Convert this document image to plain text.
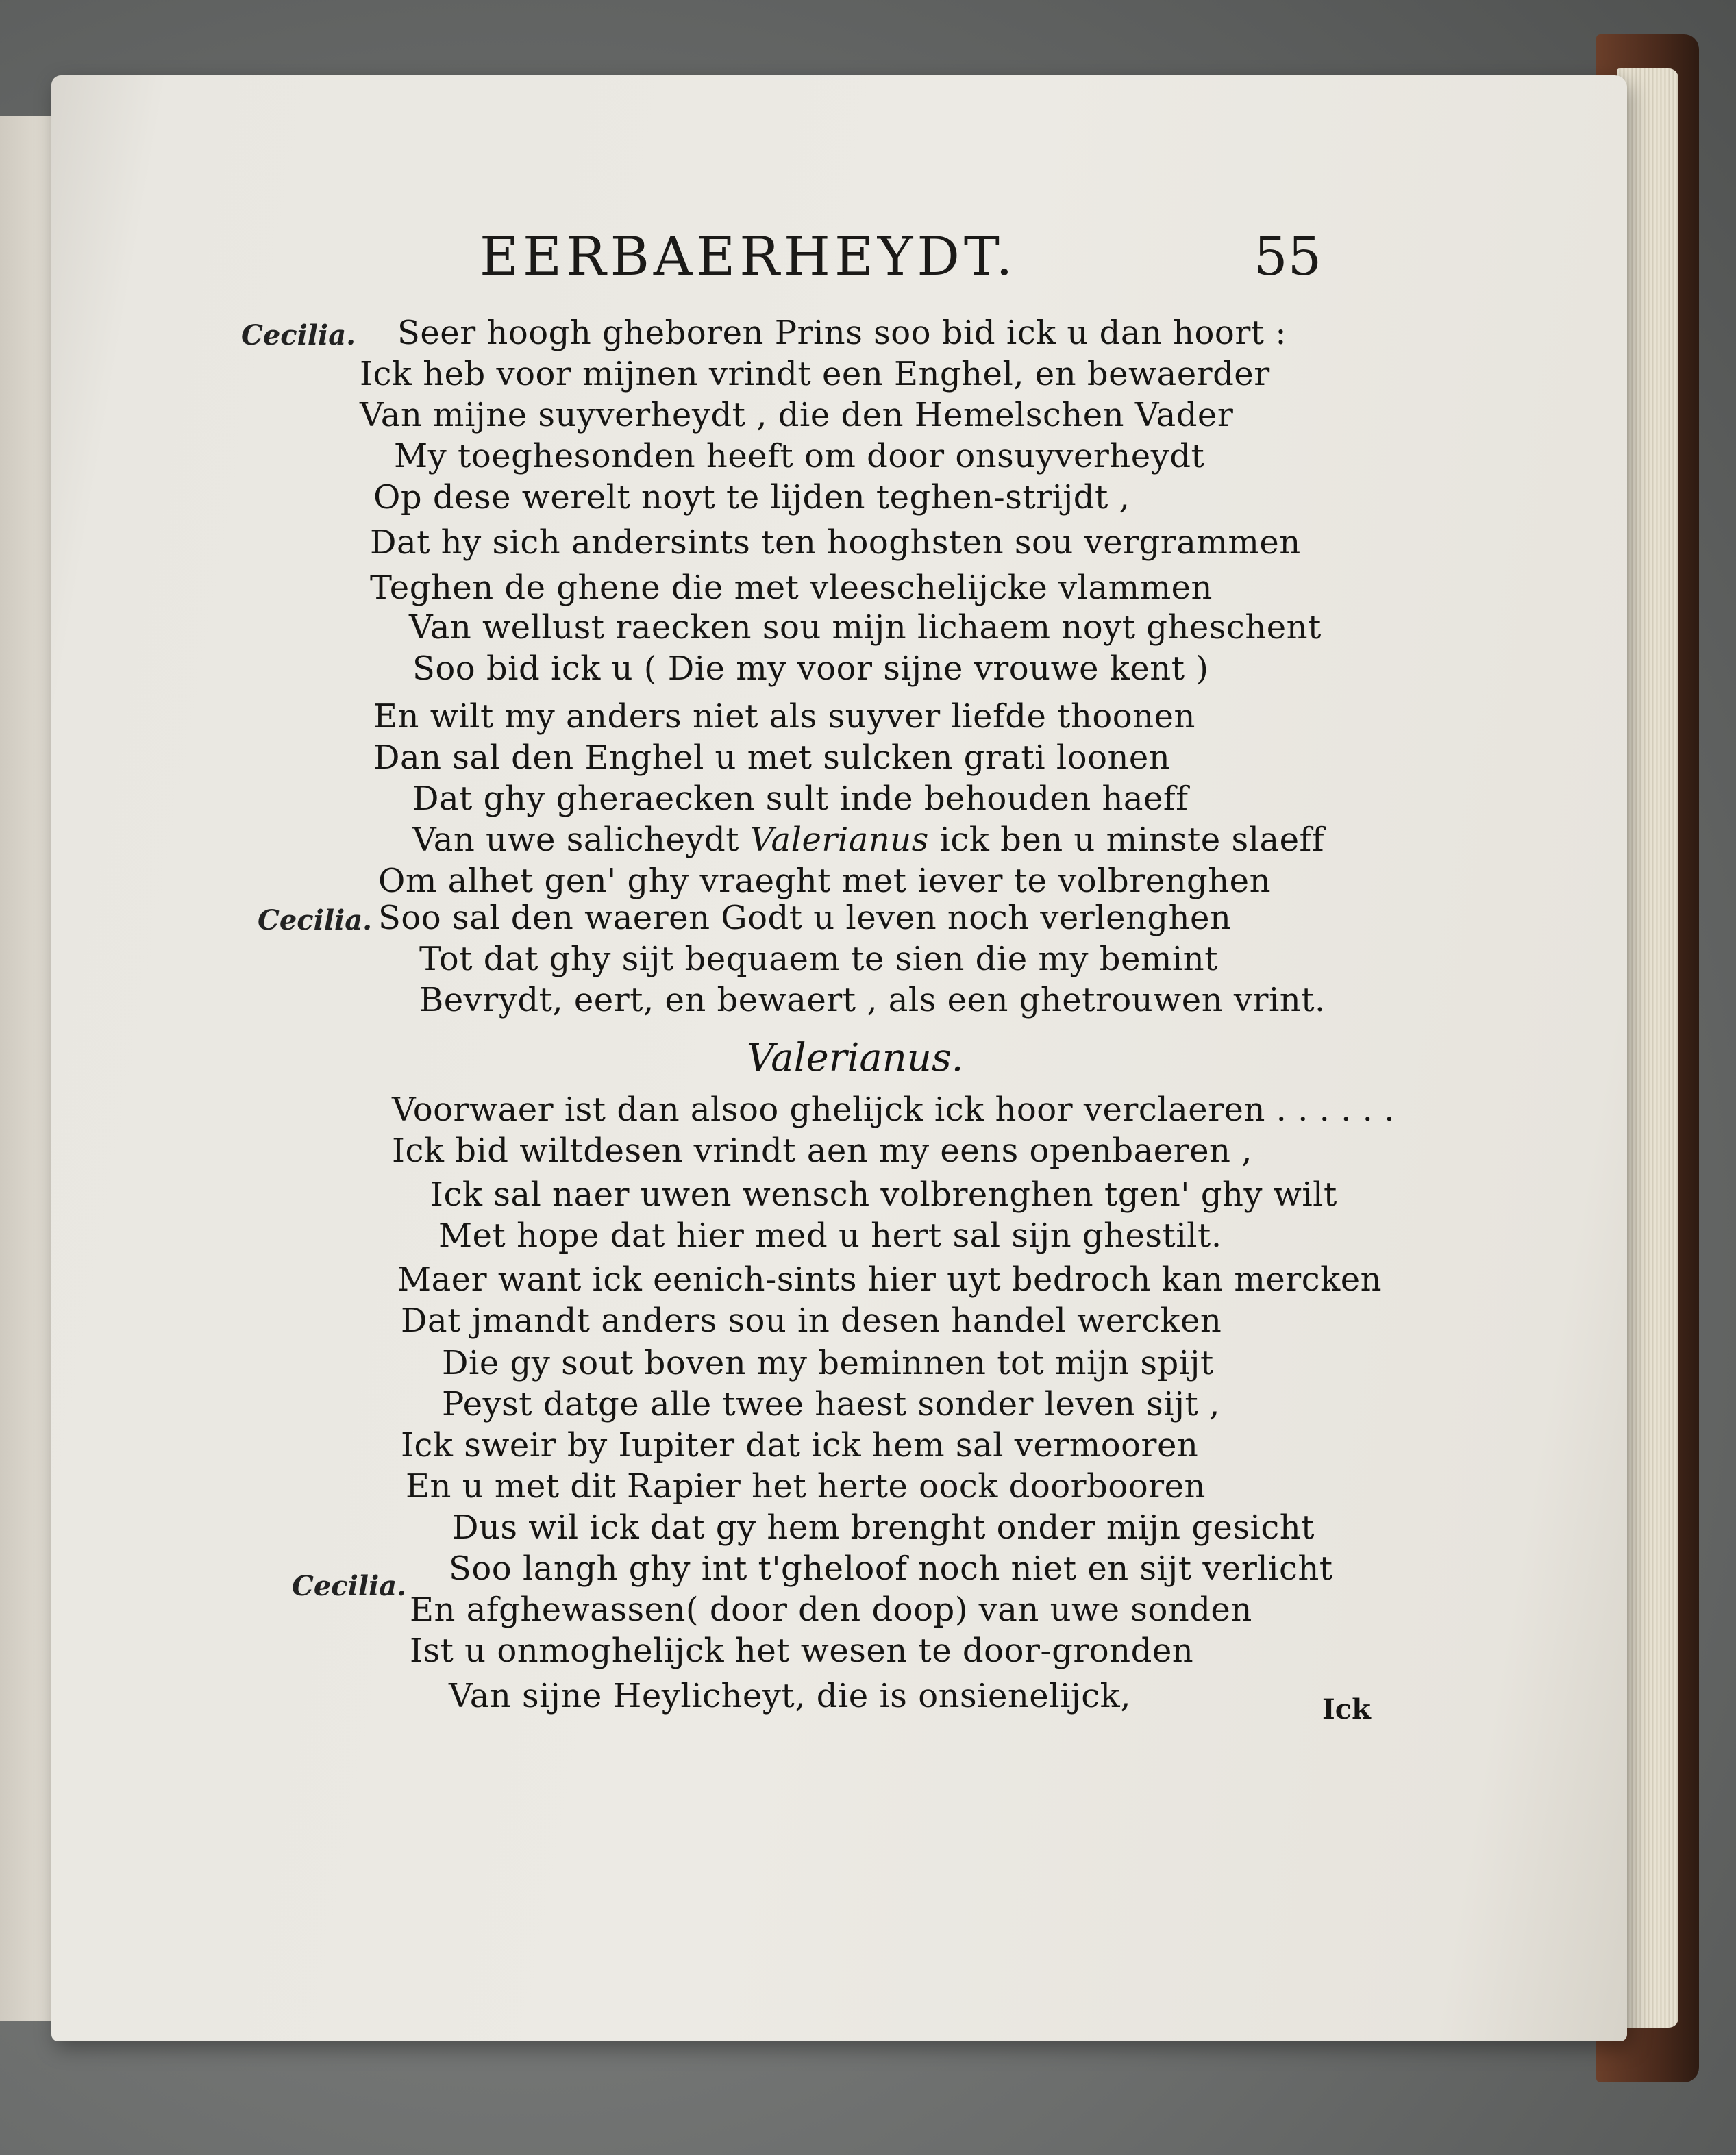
EERBAERHEYDT.	55
Cecilia. Seer hoogh gheboren Prins soo bid ick u dan hoort :
Ick heb voor mijnen vrindt een Enghel, en bewaerder
Van mijne suyverheydt , die den Hemelschen Vader
My toeghesonden heeft om door onsuyverheydt
Op dese werelt noyt te lijden teghen-strijdt ,
Dat hy sich andersints ten hooghsten sou vergrammen
Teghen de ghene die met vleeschelijcke vlammen
Van wellust raecken sou mijn lichaem noyt gheschent
Soo bid ick u ( Die my voor sijne vrouwe kent )
En wilt my anders niet als suyver liefde thoonen
Dan sal den Enghel u met sulcken grati loonen
Dat ghy gheraecken sult inde behouden haeff
Van uwe salicheydt Valerianus ick ben u minste slaeff
Om alhet gen' ghy vraeght met iever te volbrenghen
Cecilia. Soo sal den waeren Godt u leven noch verlenghen
Tot dat ghy sijt bequaem te sien die my bemint
Bevrydt, eert, en bewaert , als een ghetrouwen vrint.
Valerianus.
Voorwaer ist dan alsoo ghelijck ick hoor verclaeren . . . . . .
Ick bid wiltdesen vrindt aen my eens openbaeren ,
Ick sal naer uwen wensch volbrenghen tgen' ghy wilt
Met hope dat hier med u hert sal sijn ghestilt.
Maer want ick eenich-sints hier uyt bedroch kan mercken
Dat jmandt anders sou in desen handel wercken
Die gy sout boven my beminnen tot mijn spijt
Peyst datge alle twee haest sonder leven sijt ,
Ick sweir by Iupiter dat ick hem sal vermooren
En u met dit Rapier het herte oock doorbooren
Dus wil ick dat gy hem brenght onder mijn gesicht
Cecilia. Soo langh ghy int t'gheloof noch niet en sijt verlicht
En afghewassen( door den doop) van uwe sonden
Ist u onmoghelijck het wesen te door-gronden
Van sijne Heylicheyt, die is onsienelijck,	Ick
